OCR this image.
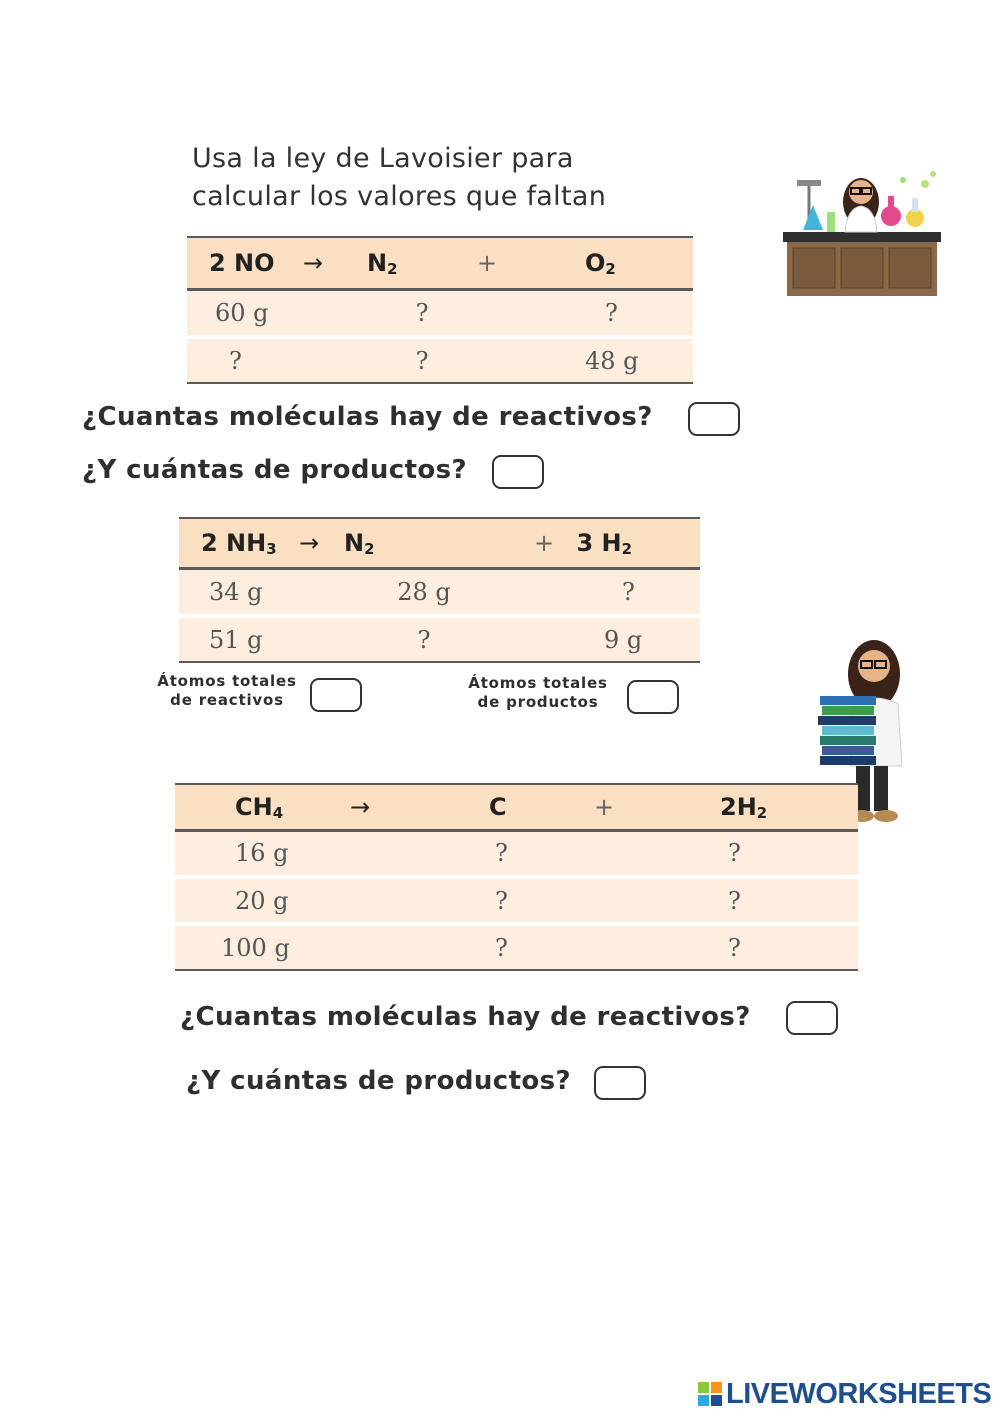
Usa la ley de Lavoisier para
calcular los valores que faltan
2 NO →	$N_2$	+	$O_2$
60 g	?		?
?	?		48 g
¿Cuantas moléculas hay de reactivos?
¿Y cuántas de productos?
2 $NH_3$ →	$N_2$	+ 3 $H_2$
34 g	28 g	?
51 g	?	9 g
Átomos totales
de reactivos
Átomos totales
de productos
$CH_4$	→	C	+	$2H_2$
16 g		?		?
20 g		?		?
100 g		?		?
¿Cuantas moléculas hay de reactivos?
¿Y cuántas de productos?
LIVEWORKSHEETS
